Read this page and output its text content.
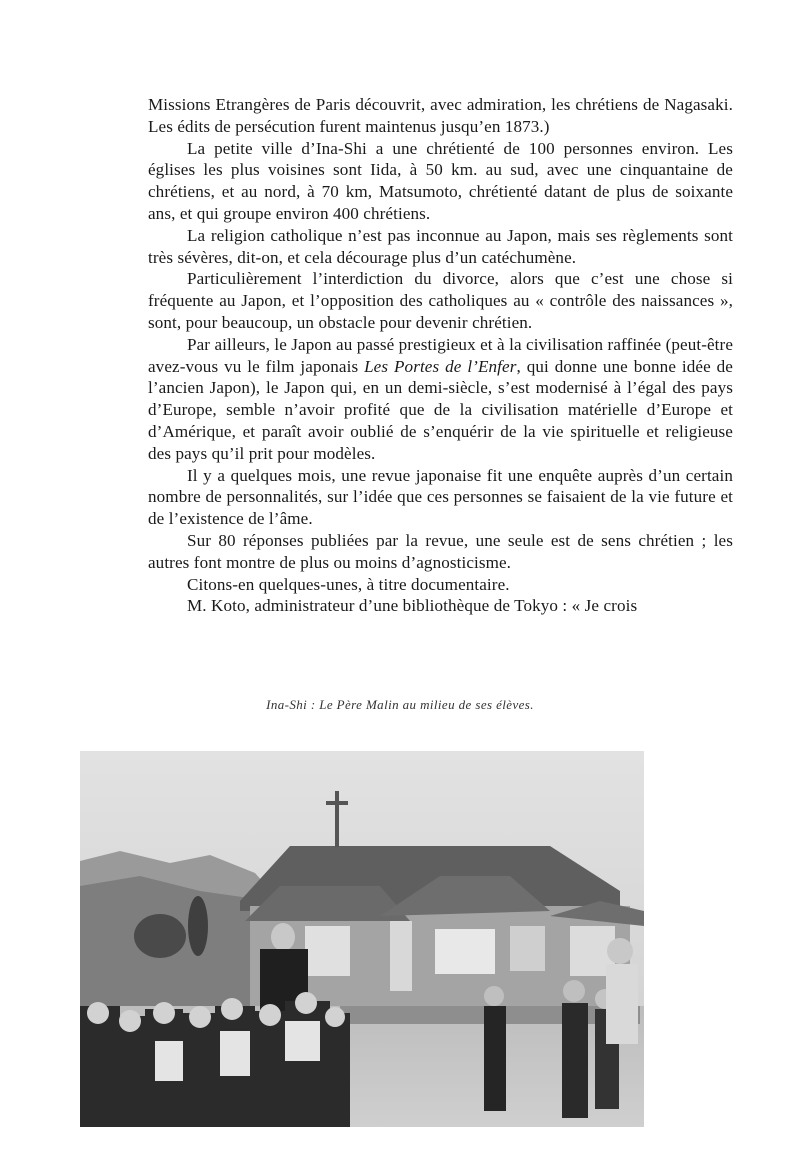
Missions Etrangères de Paris découvrit, avec admiration, les chrétiens de Nagasaki. Les édits de persécution furent maintenus jusqu’en 1873.)

La petite ville d’Ina-Shi a une chrétienté de 100 personnes environ. Les églises les plus voisines sont Iida, à 50 km. au sud, avec une cinquantaine de chrétiens, et au nord, à 70 km, Matsumoto, chrétienté datant de plus de soixante ans, et qui groupe environ 400 chrétiens.

La religion catholique n’est pas inconnue au Japon, mais ses règlements sont très sévères, dit-on, et cela décourage plus d’un catéchumène.

Particulièrement l’interdiction du divorce, alors que c’est une chose si fréquente au Japon, et l’opposition des catholiques au « contrôle des naissances », sont, pour beaucoup, un obstacle pour devenir chrétien.

Par ailleurs, le Japon au passé prestigieux et à la civilisation raffinée (peut-être avez-vous vu le film japonais Les Portes de l’Enfer, qui donne une bonne idée de l’ancien Japon), le Japon qui, en un demi-siècle, s’est modernisé à l’égal des pays d’Europe, semble n’avoir profité que de la civilisation matérielle d’Europe et d’Amérique, et paraît avoir oublié de s’enquérir de la vie spirituelle et religieuse des pays qu’il prit pour modèles.

Il y a quelques mois, une revue japonaise fit une enquête auprès d’un certain nombre de personnalités, sur l’idée que ces personnes se faisaient de la vie future et de l’existence de l’âme.

Sur 80 réponses publiées par la revue, une seule est de sens chrétien ; les autres font montre de plus ou moins d’agnosticisme.

Citons-en quelques-unes, à titre documentaire.

M. Koto, administrateur d’une bibliothèque de Tokyo : « Je crois

Ina-Shi : Le Père Malin au milieu de ses élèves.
